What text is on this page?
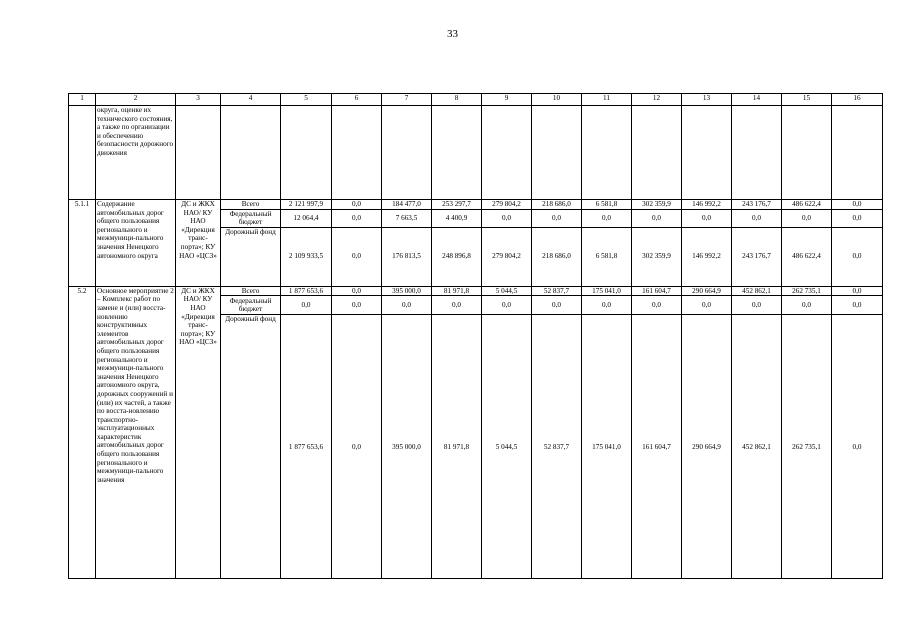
33
1	2	3	4	5	6	7	8	9	10	11	12	13	14	15	16
	округа, оценке их технического состояния, а также по организации и обеспечению безопасности дорожного движения														
5.1.1	Содержание автомобильных дорог общего пользования регионального и межмуници-пального значения Ненецкого автономного округа	ДС и ЖКХ НАО/ КУ НАО «Дирекция транс-порта»; КУ НАО «ЦСЗ»	Всего	2 121 997,9	0,0	184 477,0	253 297,7	279 804,2	218 686,0	6 581,8	302 359,9	146 992,2	243 176,7	486 622,4	0,0
			Федеральный бюджет	12 064,4	0,0	7 663,5	4 400,9	0,0	0,0	0,0	0,0	0,0	0,0	0,0	0,0
			Дорожный фонд	2 109 933,5	0,0	176 813,5	248 896,8	279 804,2	218 686,0	6 581,8	302 359,9	146 992,2	243 176,7	486 622,4	0,0
5.2	Основное мероприятие 2 – Комплекс работ по замене и (или) восста-новлению конструктивных элементов автомобильных дорог общего пользования регионального и межмуници-пального значения Ненецкого автономного округа, дорожных сооружений и (или) их частей, а также по восста-новлению транспортно-эксплуатационных характеристик автомобильных дорог общего пользования регионального и межмуници-пального значения	ДС и ЖКХ НАО/ КУ НАО «Дирекция транс-порта»; КУ НАО «ЦСЗ»	Всего	1 877 653,6	0,0	395 000,0	81 971,8	5 044,5	52 837,7	175 041,0	161 604,7	290 664,9	452 862,1	262 735,1	0,0
			Федеральный бюджет	0,0	0,0	0,0	0,0	0,0	0,0	0,0	0,0	0,0	0,0	0,0	0,0
			Дорожный фонд	1 877 653,6	0,0	395 000,0	81 971,8	5 044,5	52 837,7	175 041,0	161 604,7	290 664,9	452 862,1	262 735,1	0,0
